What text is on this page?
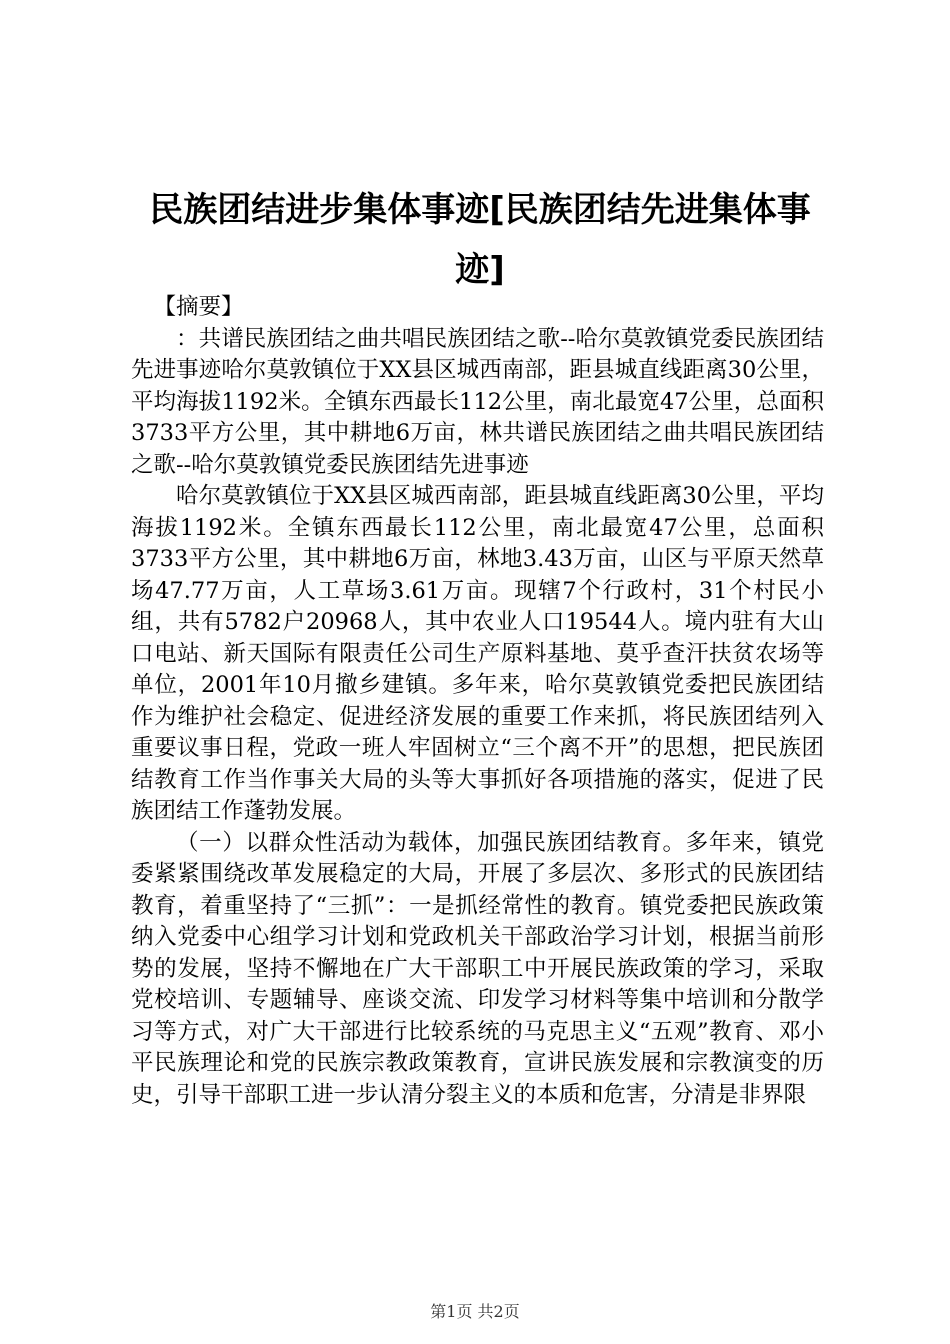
民族团结进步集体事迹[民族团结先进集体事迹]

【摘要】

：共谱民族团结之曲共唱民族团结之歌--哈尔莫敦镇党委民族团结先进事迹哈尔莫敦镇位于XX县区城西南部，距县城直线距离30公里，平均海拔1192米。全镇东西最长112公里，南北最宽47公里，总面积3733平方公里，其中耕地6万亩，林共谱民族团结之曲共唱民族团结之歌--哈尔莫敦镇党委民族团结先进事迹

哈尔莫敦镇位于XX县区城西南部，距县城直线距离30公里，平均海拔1192米。全镇东西最长112公里，南北最宽47公里，总面积3733平方公里，其中耕地6万亩，林地3.43万亩，山区与平原天然草场47.77万亩，人工草场3.61万亩。现辖7个行政村，31个村民小组，共有5782户20968人，其中农业人口19544人。境内驻有大山口电站、新天国际有限责任公司生产原料基地、莫乎查汗扶贫农场等单位，2001年10月撤乡建镇。多年来，哈尔莫敦镇党委把民族团结作为维护社会稳定、促进经济发展的重要工作来抓，将民族团结列入重要议事日程，党政一班人牢固树立“三个离不开”的思想，把民族团结教育工作当作事关大局的头等大事抓好各项措施的落实，促进了民族团结工作蓬勃发展。

（一）以群众性活动为载体，加强民族团结教育。多年来，镇党委紧紧围绕改革发展稳定的大局，开展了多层次、多形式的民族团结教育，着重坚持了“三抓”：一是抓经常性的教育。镇党委把民族政策纳入党委中心组学习计划和党政机关干部政治学习计划，根据当前形势的发展，坚持不懈地在广大干部职工中开展民族政策的学习，采取党校培训、专题辅导、座谈交流、印发学习材料等集中培训和分散学习等方式，对广大干部进行比较系统的马克思主义“五观”教育、邓小平民族理论和党的民族宗教政策教育，宣讲民族发展和宗教演变的历史，引导干部职工进一步认清分裂主义的本质和危害，分清是非界限

第1页 共2页
